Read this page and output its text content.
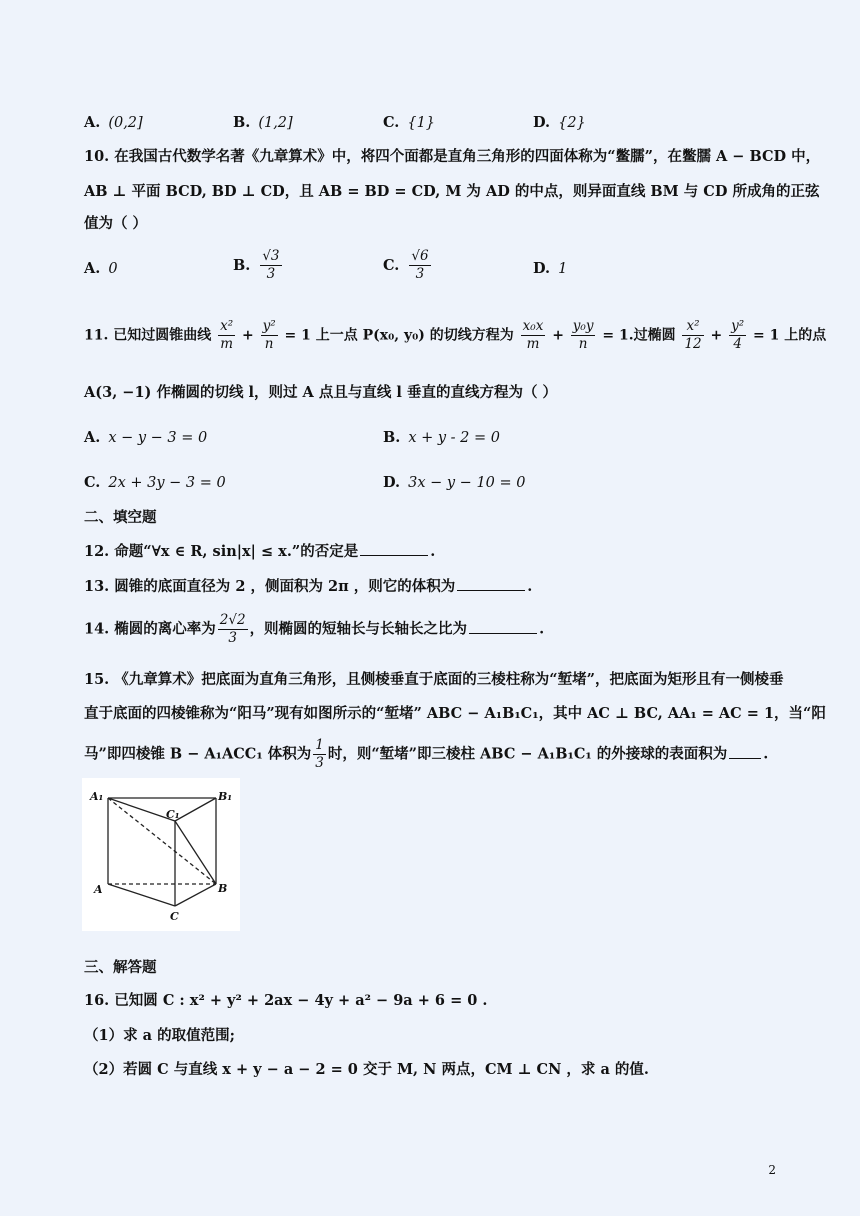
A. (0,2]	B. (1,2]	C. {1}	D. {2}
10. 在我国古代数学名著《九章算术》中，将四个面都是直角三角形的四面体称为“鳖臑”，在鳖臑 A − BCD 中，
AB ⊥ 平面 BCD, BD ⊥ CD，且 AB = BD = CD, M 为 AD 的中点，则异面直线 BM 与 CD 所成角的正弦
值为（ ）
A. 0	B. $\frac{√3}{3}$	C. $\frac{√6}{3}$	D. 1
11. 已知过圆锥曲线 $\frac{\text{x²}}{m} + \frac{\text{y²}}{n} = 1$ 上一点 P(x₀, y₀) 的切线方程为 $\frac{\text{x₀x}}{m} + \frac{\text{y₀y}}{n} = 1$.过椭圆 $\frac{\text{x²}}{12} + \frac{\text{y²}}{4} = 1$ 上的点
A(3, −1) 作椭圆的切线 l，则过 A 点且与直线 l 垂直的直线方程为（ ）
A. x − y − 3 = 0	B. x + y - 2 = 0
C. 2x + 3y − 3 = 0	D. 3x − y − 10 = 0
二、填空题
12. 命题“∀x ∈ R, sin|x| ≤ x.”的否定是	.
13. 圆锥的底面直径为 2 ，侧面积为 2π ，则它的体积为	.
14. 椭圆的离心率为 $\frac{2√2}{3}$ ，则椭圆的短轴长与长轴长之比为	.
15. 《九章算术》把底面为直角三角形，且侧棱垂直于底面的三棱柱称为“堑堵”，把底面为矩形且有一侧棱垂
直于底面的四棱锥称为“阳马”现有如图所示的“堑堵” ABC − A₁B₁C₁，其中 AC ⊥ BC, AA₁ = AC = 1，当“阳
马”即四棱锥 B − A₁ACC₁ 体积为 $\frac{1}{3}$ 时，则“堑堵”即三棱柱 ABC − A₁B₁C₁ 的外接球的表面积为 .
A₁	B₁
C₁
A	B
C
三、解答题
16. 已知圆 C : x² + y² + 2ax − 4y + a² − 9a + 6 = 0 .
（1）求 a 的取值范围;
（2）若圆 C 与直线 x + y − a − 2 = 0 交于 M, N 两点，CM ⊥ CN ，求 a 的值.
2
